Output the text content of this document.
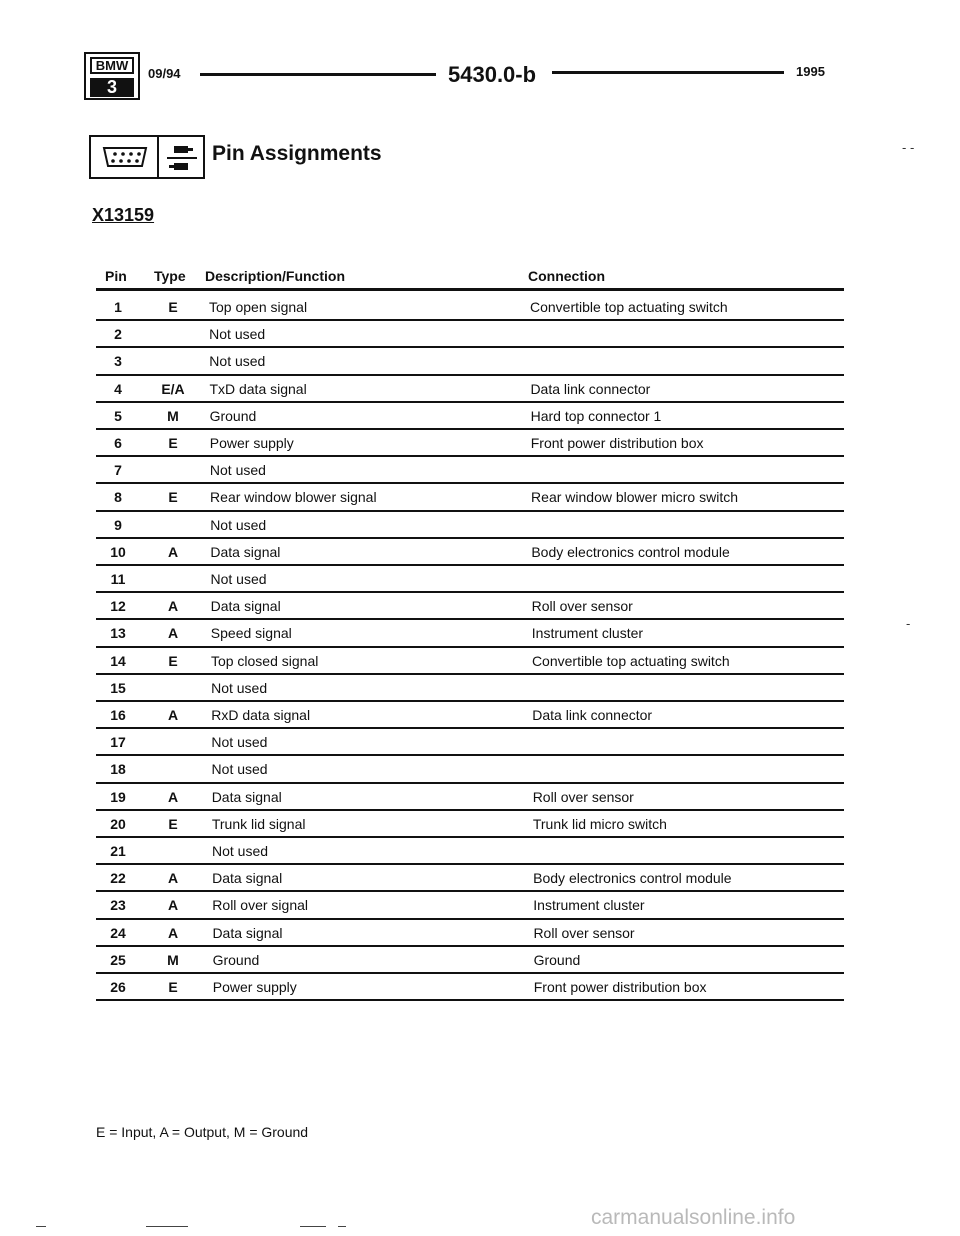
BMW
3
09/94	5430.0-b	1995
Pin Assignments	- -
-
X13159
Pin Type Description/Function	Connection
1	E	Top open signal	Convertible top actuating switch
2	Not used
3	Not used
4	E/A	TxD data signal	Data link connector
5	M	Ground	Hard top connector 1
6	E	Power supply	Front power distribution box
7	Not used
8	E	Rear window blower signal	Rear window blower micro switch
9	Not used
10	A	Data signal	Body electronics control module
11	Not used
12	A	Data signal	Roll over sensor
13	A	Speed signal	Instrument cluster
14	E	Top closed signal	Convertible top actuating switch
15	Not used
16	A	RxD data signal	Data link connector
17	Not used
18	Not used
19	A	Data signal	Roll over sensor
20	E	Trunk lid signal	Trunk lid micro switch
21	Not used
22	A	Data signal	Body electronics control module
23	A	Roll over signal	Instrument cluster
24	A	Data signal	Roll over sensor
25	M	Ground	Ground
26	E	Power supply	Front power distribution box
E = Input, A = Output, M = Ground
carmanualsonline.info
